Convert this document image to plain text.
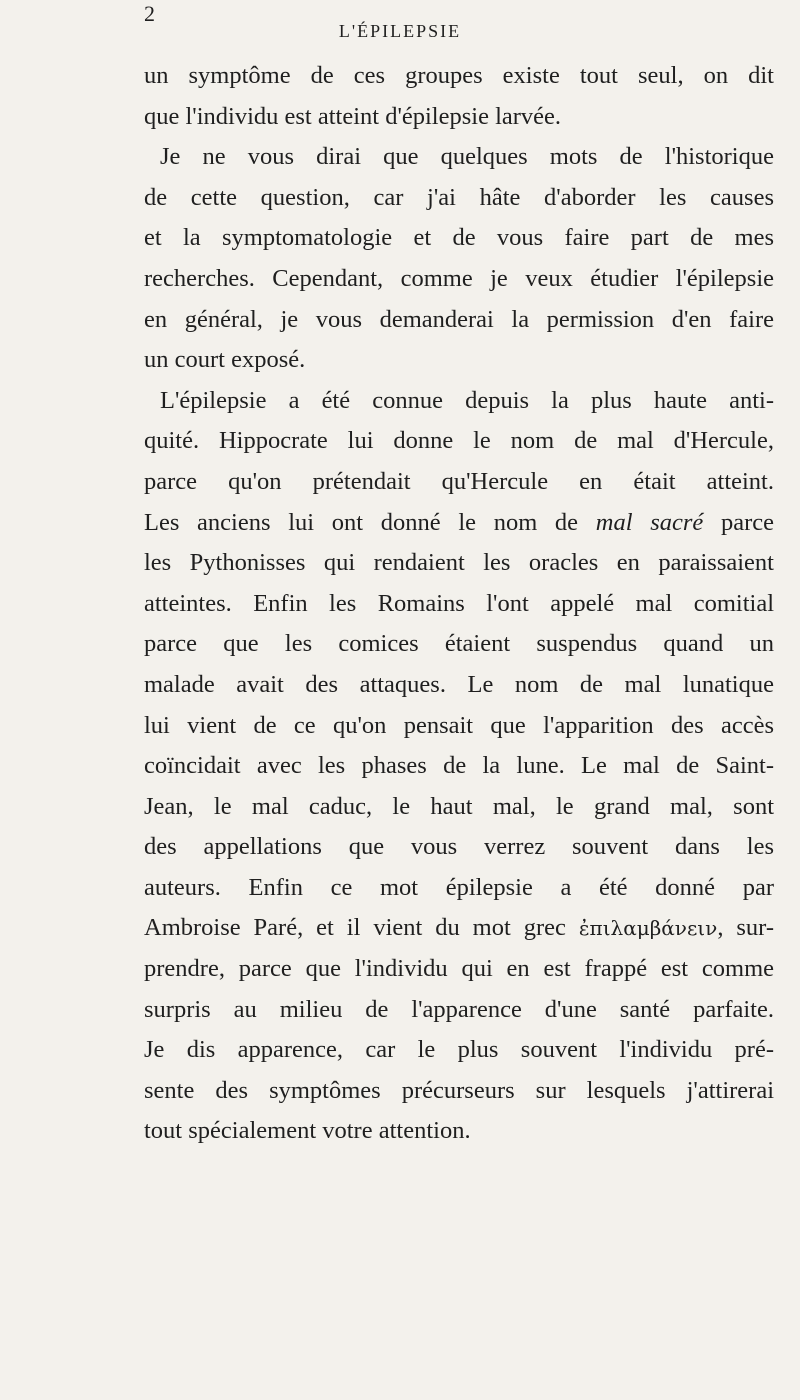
2
L'ÉPILEPSIE
un symptôme de ces groupes existe tout seul, on dit
que l'individu est atteint d'épilepsie larvée.
Je ne vous dirai que quelques mots de l'historique
de cette question, car j'ai hâte d'aborder les causes
et la symptomatologie et de vous faire part de mes
recherches. Cependant, comme je veux étudier l'épilepsie
en général, je vous demanderai la permission d'en faire
un court exposé.
L'épilepsie a été connue depuis la plus haute anti-
quité. Hippocrate lui donne le nom de mal d'Hercule,
parce qu'on prétendait qu'Hercule en était atteint.
Les anciens lui ont donné le nom de mal sacré parce
les Pythonisses qui rendaient les oracles en paraissaient
atteintes. Enfin les Romains l'ont appelé mal comitial
parce que les comices étaient suspendus quand un
malade avait des attaques. Le nom de mal lunatique
lui vient de ce qu'on pensait que l'apparition des accès
coïncidait avec les phases de la lune. Le mal de Saint-
Jean, le mal caduc, le haut mal, le grand mal, sont
des appellations que vous verrez souvent dans les
auteurs. Enfin ce mot épilepsie a été donné par
Ambroise Paré, et il vient du mot grec ἐπιλαμβάνειν, sur-
prendre, parce que l'individu qui en est frappé est comme
surpris au milieu de l'apparence d'une santé parfaite.
Je dis apparence, car le plus souvent l'individu pré-
sente des symptômes précurseurs sur lesquels j'attirerai
tout spécialement votre attention.
